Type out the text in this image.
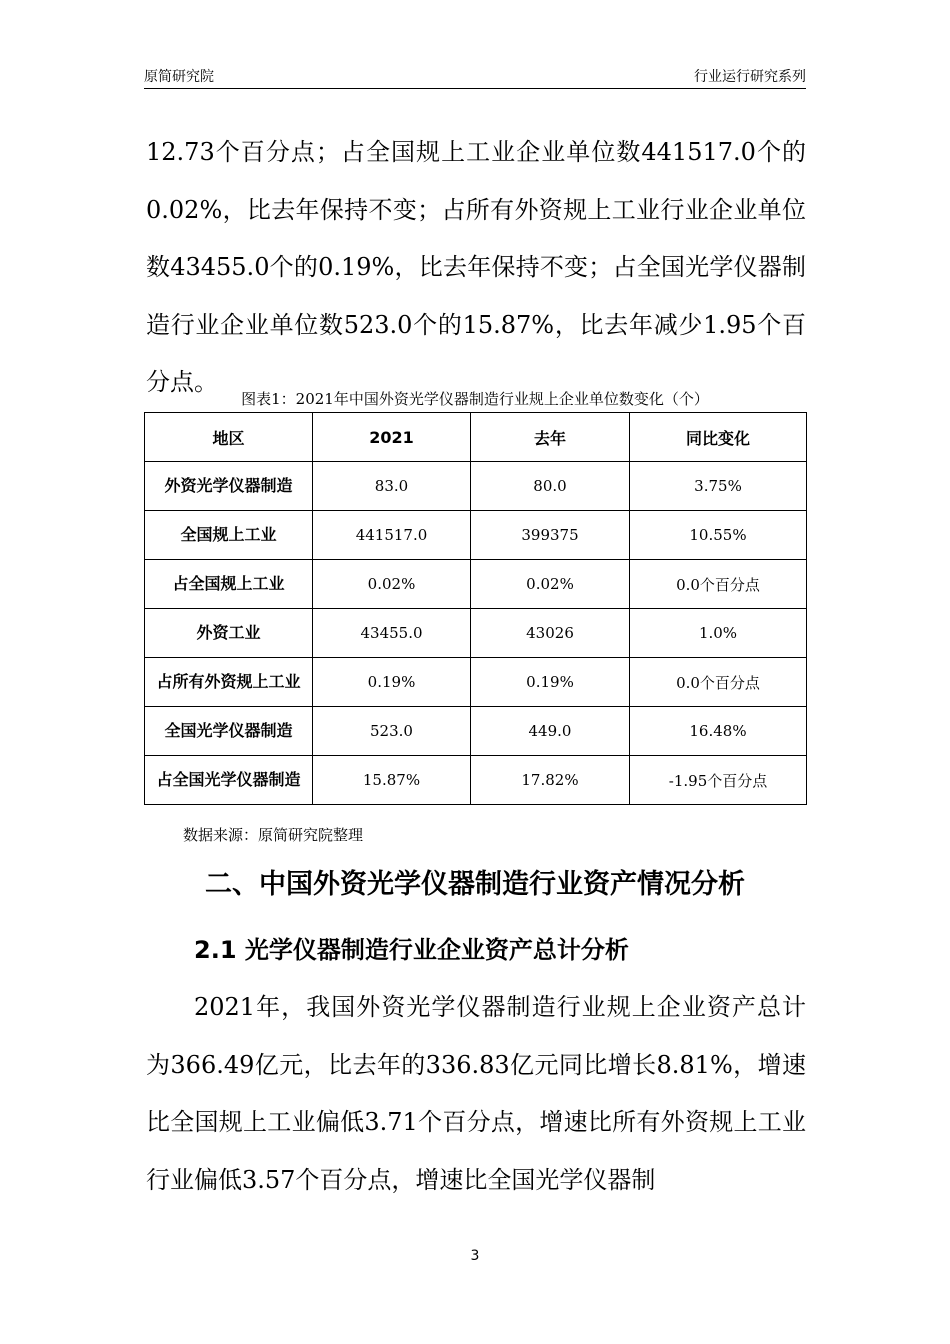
原简研究院	行业运行研究系列

12.73个百分点；占全国规上工业企业单位数441517.0个的0.02%，比去年保持不变；占所有外资规上工业行业企业单位数43455.0个的0.19%，比去年保持不变；占全国光学仪器制造行业企业单位数523.0个的15.87%，比去年减少1.95个百分点。

图表1：2021年中国外资光学仪器制造行业规上企业单位数变化（个）
地区	2021	去年	同比变化
外资光学仪器制造	83.0	80.0	3.75%
全国规上工业	441517.0	399375	10.55%
占全国规上工业	0.02%	0.02%	0.0个百分点
外资工业	43455.0	43026	1.0%
占所有外资规上工业	0.19%	0.19%	0.0个百分点
全国光学仪器制造	523.0	449.0	16.48%
占全国光学仪器制造	15.87%	17.82%	-1.95个百分点
数据来源：原简研究院整理
二、中国外资光学仪器制造行业资产情况分析
2.1 光学仪器制造行业企业资产总计分析

2021年，我国外资光学仪器制造行业规上企业资产总计为366.49亿元，比去年的336.83亿元同比增长8.81%，增速比全国规上工业偏低3.71个百分点，增速比所有外资规上工业行业偏低3.57个百分点，增速比全国光学仪器制

3
